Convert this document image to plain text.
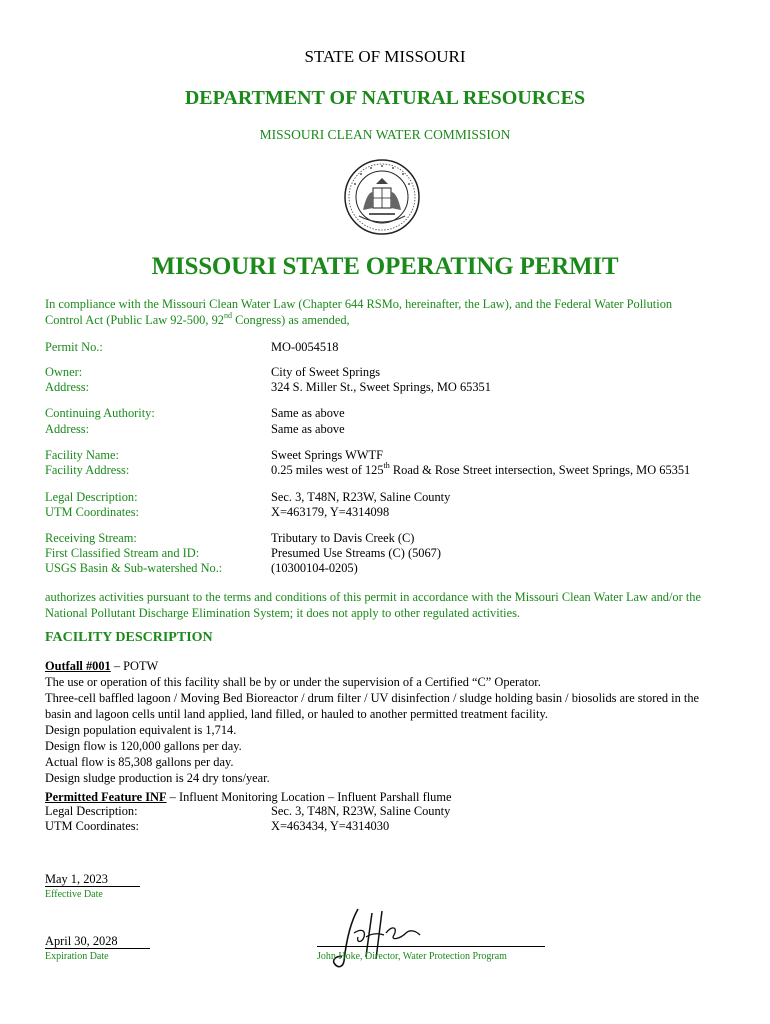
STATE OF MISSOURI
DEPARTMENT OF NATURAL RESOURCES
MISSOURI CLEAN WATER COMMISSION
MISSOURI STATE OPERATING PERMIT
In compliance with the Missouri Clean Water Law (Chapter 644 RSMo, hereinafter, the Law), and the Federal Water Pollution
Control Act (Public Law 92-500, 92nd Congress) as amended,
Permit No.:	MO-0054518
Owner:	City of Sweet Springs
Address:	324 S. Miller St., Sweet Springs, MO 65351
Continuing Authority:	Same as above
Address:	Same as above
Facility Name:	Sweet Springs WWTF
Facility Address:	0.25 miles west of 125th Road & Rose Street intersection, Sweet Springs, MO 65351
Legal Description:	Sec. 3, T48N, R23W, Saline County
UTM Coordinates:	X=463179, Y=4314098
Receiving Stream:	Tributary to Davis Creek (C)
First Classified Stream and ID:	Presumed Use Streams (C) (5067)
USGS Basin & Sub-watershed No.:	(10300104-0205)
authorizes activities pursuant to the terms and conditions of this permit in accordance with the Missouri Clean Water Law and/or the
National Pollutant Discharge Elimination System; it does not apply to other regulated activities.
FACILITY DESCRIPTION
Outfall #001 – POTW
The use or operation of this facility shall be by or under the supervision of a Certified “C” Operator.
Three-cell baffled lagoon / Moving Bed Bioreactor / drum filter / UV disinfection / sludge holding basin / biosolids are stored in the
basin and lagoon cells until land applied, land filled, or hauled to another permitted treatment facility.
Design population equivalent is 1,714.
Design flow is 120,000 gallons per day.
Actual flow is 85,308 gallons per day.
Design sludge production is 24 dry tons/year.
Permitted Feature INF – Influent Monitoring Location – Influent Parshall flume
Legal Description:	Sec. 3, T48N, R23W, Saline County
UTM Coordinates:	X=463434, Y=4314030
May 1, 2023
Effective Date
April 30, 2028
Expiration Date	John Hoke, Director, Water Protection Program
